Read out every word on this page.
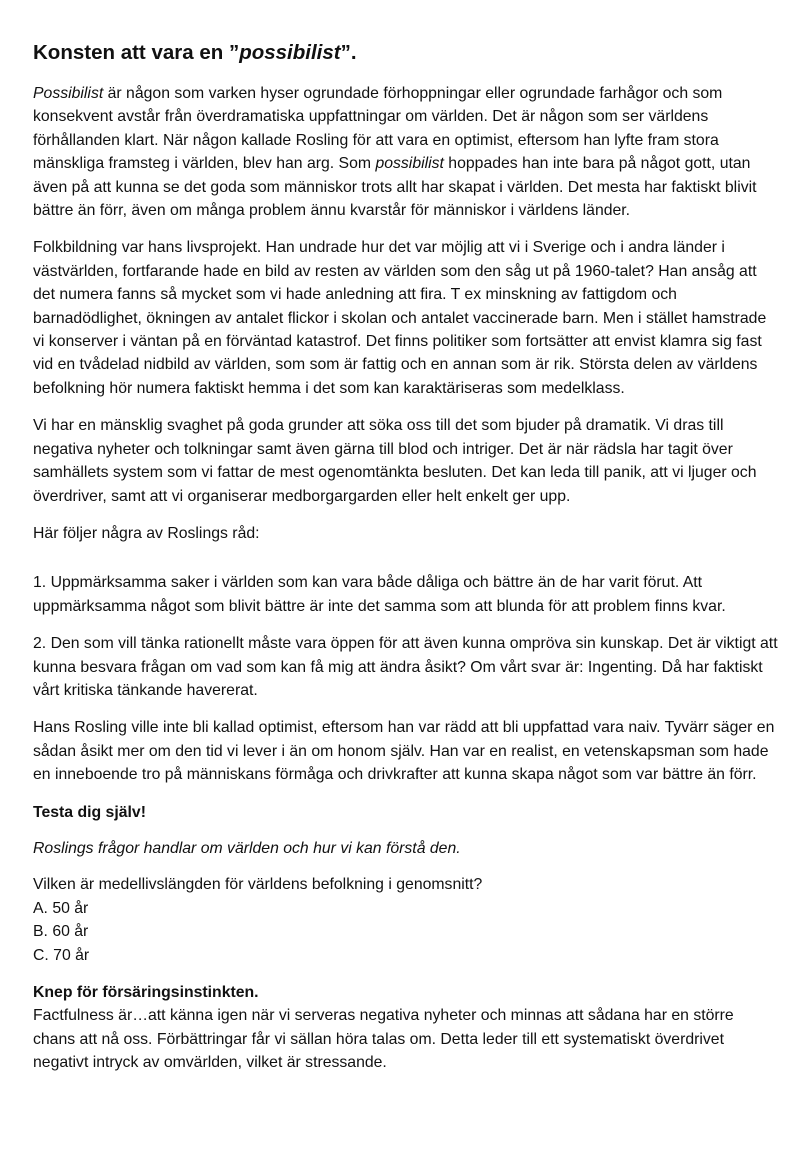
Konsten att vara en ”possibilist”.

Possibilist är någon som varken hyser ogrundade förhoppningar eller ogrundade farhågor och som konsekvent avstår från överdramatiska uppfattningar om världen. Det är någon som ser världens förhållanden klart. När någon kallade Rosling för att vara en optimist, eftersom han lyfte fram stora mänskliga framsteg i världen, blev han arg. Som possibilist hoppades han inte bara på något gott, utan även på att kunna se det goda som människor trots allt har skapat i världen. Det mesta har faktiskt blivit bättre än förr, även om många problem ännu kvarstår för människor i världens länder.

Folkbildning var hans livsprojekt. Han undrade hur det var möjlig att vi i Sverige och i andra länder i västvärlden, fortfarande hade en bild av resten av världen som den såg ut på 1960-talet? Han ansåg att det numera fanns så mycket som vi hade anledning att fira. T ex minskning av fattigdom och barnadödlighet, ökningen av antalet flickor i skolan och antalet vaccinerade barn. Men i stället hamstrade vi konserver i väntan på en förväntad katastrof. Det finns politiker som fortsätter att envist klamra sig fast vid en tvådelad nidbild av världen, som som är fattig och en annan som är rik. Största delen av världens befolkning hör numera faktiskt hemma i det som kan karaktäriseras som medelklass.

Vi har en mänsklig svaghet på goda grunder att söka oss till det som bjuder på dramatik. Vi dras till negativa nyheter och tolkningar samt även gärna till blod och intriger. Det är när rädsla har tagit över samhällets system som vi fattar de mest ogenomtänkta besluten. Det kan leda till panik, att vi ljuger och överdriver, samt att vi organiserar medborgargarden eller helt enkelt ger upp.

Här följer några av Roslings råd:

1. Uppmärksamma saker i världen som kan vara både dåliga och bättre än de har varit förut. Att uppmärksamma något som blivit bättre är inte det samma som att blunda för att problem finns kvar.

2. Den som vill tänka rationellt måste vara öppen för att även kunna ompröva sin kunskap. Det är viktigt att kunna besvara frågan om vad som kan få mig att ändra åsikt? Om vårt svar är: Ingenting. Då har faktiskt vårt kritiska tänkande havererat.

Hans Rosling ville inte bli kallad optimist, eftersom han var rädd att bli uppfattad vara naiv. Tyvärr säger en sådan åsikt mer om den tid vi lever i än om honom själv. Han var en realist, en vetenskapsman som hade en inneboende tro på människans förmåga och drivkrafter att kunna skapa något som var bättre än förr.

Testa dig själv!

Roslings frågor handlar om världen och hur vi kan förstå den.

Vilken är medellivslängden för världens befolkning i genomsnitt?
A. 50 år
B. 60 år
C. 70 år

Knep för försäringsinstinkten.
Factfulness är…att känna igen när vi serveras negativa nyheter och minnas att sådana har en större chans att nå oss. Förbättringar får vi sällan höra talas om. Detta leder till ett systematiskt överdrivet negativt intryck av omvärlden, vilket är stressande.
